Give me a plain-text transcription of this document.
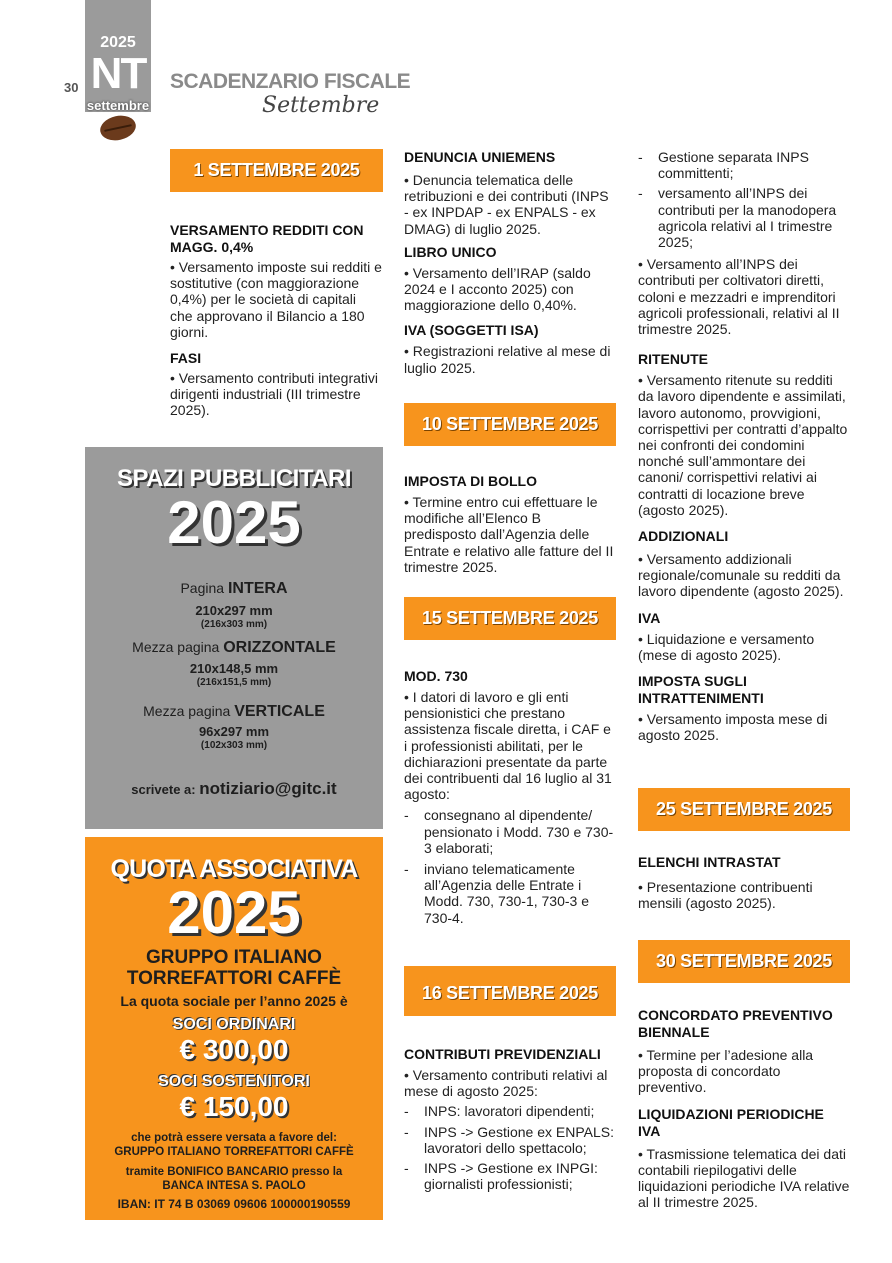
2025
NT
settembre
30	SCADENZARIO FISCALE
Settembre
1 SETTEMBRE 2025
VERSAMENTO REDDITI CON MAGG. 0,4%
• Versamento imposte sui redditi e sostitutive (con maggiorazione 0,4%) per le società di capitali che approvano il Bilancio a 180 giorni.
FASI
• Versamento contributi integrativi dirigenti industriali (III trimestre 2025).
SPAZI PUBBLICITARI
2025
Pagina INTERA
210x297 mm
(216x303 mm)
Mezza pagina ORIZZONTALE
210x148,5 mm
(216x151,5 mm)
Mezza pagina VERTICALE
96x297 mm
(102x303 mm)
scrivete a: notiziario@gitc.it
QUOTA ASSOCIATIVA
2025
GRUPPO ITALIANO
TORREFATTORI CAFFÈ
La quota sociale per l’anno 2025 è
SOCI ORDINARI
€ 300,00
SOCI SOSTENITORI
€ 150,00
che potrà essere versata a favore del:
GRUPPO ITALIANO TORREFATTORI CAFFÈ
tramite BONIFICO BANCARIO presso la
BANCA INTESA S. PAOLO
IBAN: IT 74 B 03069 09606 100000190559
DENUNCIA UNIEMENS
• Denuncia telematica delle retribuzioni e dei contributi (INPS - ex INPDAP - ex ENPALS - ex DMAG) di luglio 2025.
LIBRO UNICO
• Versamento dell’IRAP (saldo 2024 e I acconto 2025) con maggiorazione dello 0,40%.
IVA (SOGGETTI ISA)
• Registrazioni relative al mese di luglio 2025.
10 SETTEMBRE 2025
IMPOSTA DI BOLLO
• Termine entro cui effettuare le modifiche all’Elenco B predisposto dall’Agenzia delle Entrate e relativo alle fatture del II trimestre 2025.
15 SETTEMBRE 2025
MOD. 730
• I datori di lavoro e gli enti pensionistici che prestano assistenza fiscale diretta, i CAF e i professionisti abilitati, per le dichiarazioni presentate da parte dei contribuenti dal 16 luglio al 31 agosto:
- consegnano al dipendente/ pensionato i Modd. 730 e 730-3 elaborati;
- inviano telematicamente all’Agenzia delle Entrate i Modd. 730, 730-1, 730-3 e 730-4.
16 SETTEMBRE 2025
CONTRIBUTI PREVIDENZIALI
• Versamento contributi relativi al mese di agosto 2025:
- INPS: lavoratori dipendenti;
- INPS -> Gestione ex ENPALS: lavoratori dello spettacolo;
- INPS -> Gestione ex INPGI: giornalisti professionisti;
- Gestione separata INPS committenti;
- versamento all’INPS dei contributi per la manodopera agricola relativi al I trimestre 2025;
• Versamento all’INPS dei contributi per coltivatori diretti, coloni e mezzadri e imprenditori agricoli professionali, relativi al II trimestre 2025.
RITENUTE
• Versamento ritenute su redditi da lavoro dipendente e assimilati, lavoro autonomo, provvigioni, corrispettivi per contratti d’appalto nei confronti dei condomini nonché sull’ammontare dei canoni/ corrispettivi relativi ai contratti di locazione breve (agosto 2025).
ADDIZIONALI
• Versamento addizionali regionale/comunale su redditi da lavoro dipendente (agosto 2025).
IVA
• Liquidazione e versamento (mese di agosto 2025).
IMPOSTA SUGLI INTRATTENIMENTI
• Versamento imposta mese di agosto 2025.
25 SETTEMBRE 2025
ELENCHI INTRASTAT
• Presentazione contribuenti mensili (agosto 2025).
30 SETTEMBRE 2025
CONCORDATO PREVENTIVO BIENNALE
• Termine per l’adesione alla proposta di concordato preventivo.
LIQUIDAZIONI PERIODICHE IVA
• Trasmissione telematica dei dati contabili riepilogativi delle liquidazioni periodiche IVA relative al II trimestre 2025.
